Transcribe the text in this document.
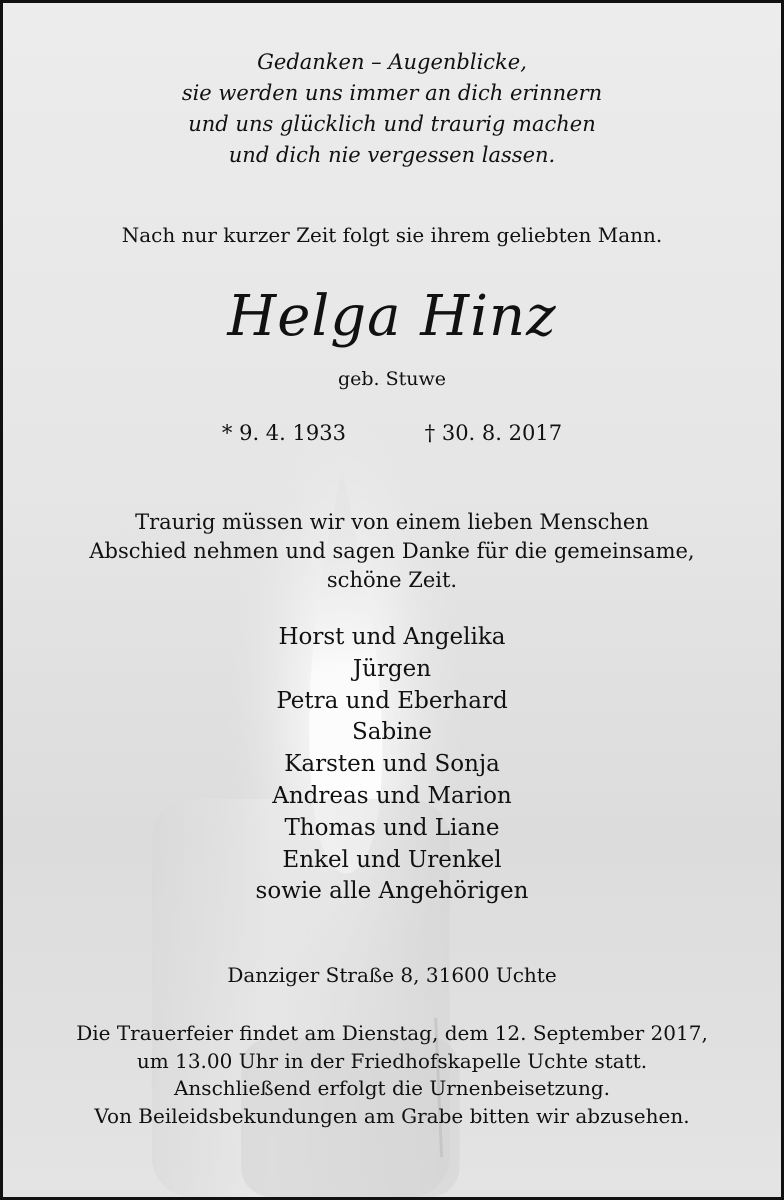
Gedanken – Augenblicke,
sie werden uns immer an dich erinnern
und uns glücklich und traurig machen
und dich nie vergessen lassen.
Nach nur kurzer Zeit folgt sie ihrem geliebten Mann.
Helga Hinz
geb. Stuwe
* 9. 4. 1933	† 30. 8. 2017
Traurig müssen wir von einem lieben Menschen
Abschied nehmen und sagen Danke für die gemeinsame,
schöne Zeit.
Horst und Angelika
Jürgen
Petra und Eberhard
Sabine
Karsten und Sonja
Andreas und Marion
Thomas und Liane
Enkel und Urenkel
sowie alle Angehörigen
Danziger Straße 8, 31600 Uchte
Die Trauerfeier findet am Dienstag, dem 12. September 2017,
um 13.00 Uhr in der Friedhofskapelle Uchte statt.
Anschließend erfolgt die Urnenbeisetzung.
Von Beileidsbekundungen am Grabe bitten wir abzusehen.
